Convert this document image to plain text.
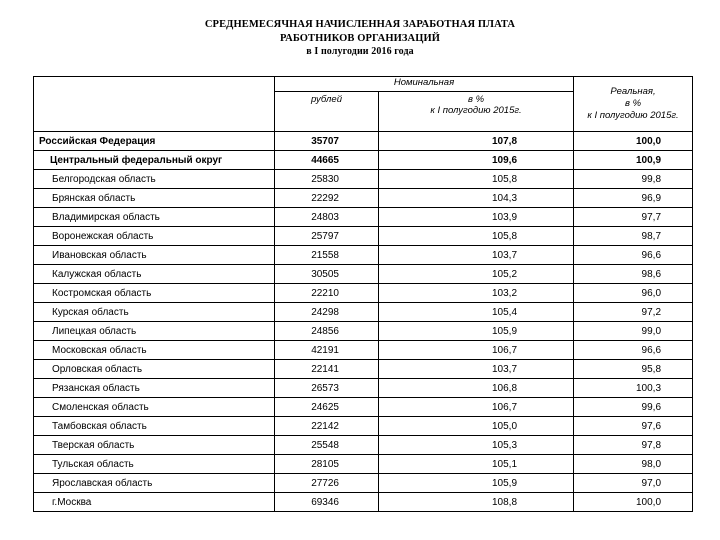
СРЕДНЕМЕСЯЧНАЯ НАЧИСЛЕННАЯ ЗАРАБОТНАЯ ПЛАТА
РАБОТНИКОВ ОРГАНИЗАЦИЙ
в I полугодии 2016 года
	Номинальная		Реальная,
в %
к I полугодию 2015г.

	рублей	в %
к I полугодию 2015г.	

Российская Федерация	35707	107,8	100,0
Центральный федеральный округ	44665	109,6	100,9
Белгородская область	25830	105,8	99,8
Брянская область	22292	104,3	96,9
Владимирская область	24803	103,9	97,7
Воронежская область	25797	105,8	98,7
Ивановская область	21558	103,7	96,6
Калужская область	30505	105,2	98,6
Костромская область	22210	103,2	96,0
Курская область	24298	105,4	97,2
Липецкая область	24856	105,9	99,0
Московская область	42191	106,7	96,6
Орловская область	22141	103,7	95,8
Рязанская область	26573	106,8	100,3
Смоленская область	24625	106,7	99,6
Тамбовская область	22142	105,0	97,6
Тверская область	25548	105,3	97,8
Тульская область	28105	105,1	98,0
Ярославская область	27726	105,9	97,0
г.Москва	69346	108,8	100,0
